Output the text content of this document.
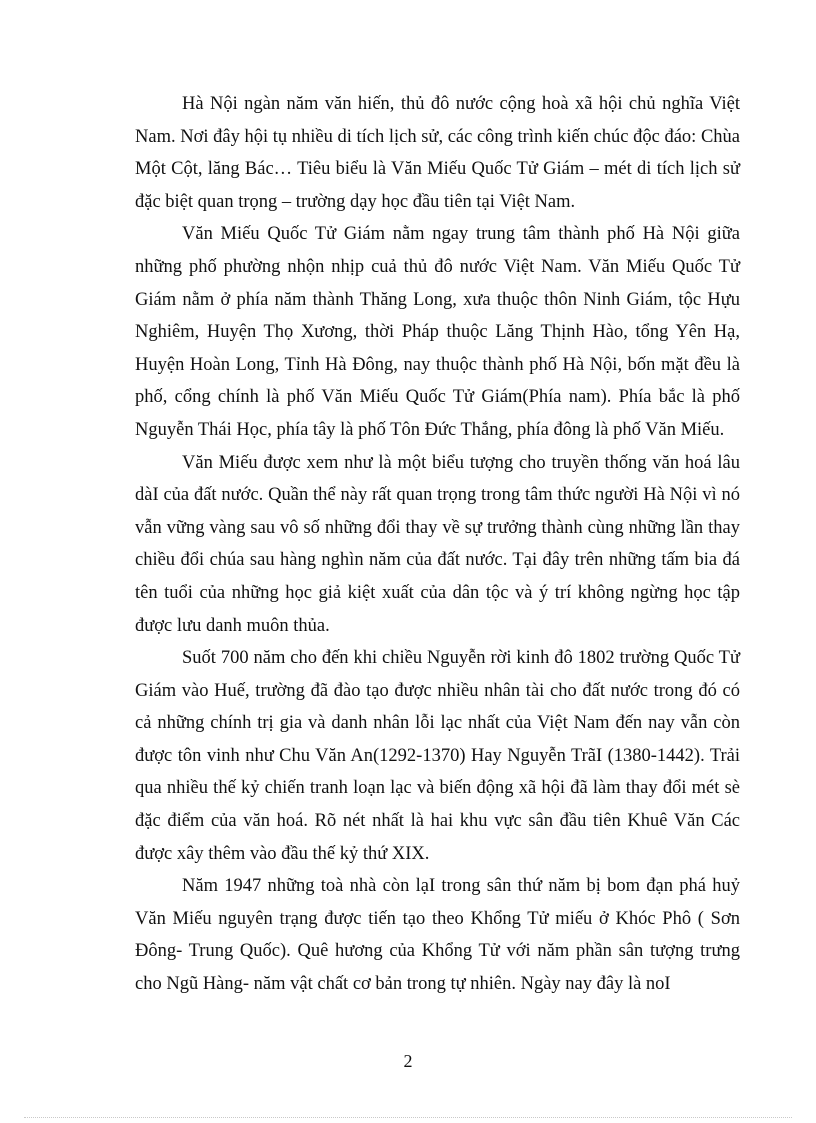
Hà Nội ngàn năm văn hiến, thủ đô nước cộng hoà xã hội chủ nghĩa Việt Nam. Nơi đây hội tụ nhiều di tích lịch sử, các công trình kiến chúc độc đáo: Chùa Một Cột, lăng Bác… Tiêu biểu là Văn Miếu Quốc Tử Giám – mét di tích lịch sử đặc biệt quan trọng – trường dạy học đầu tiên tại Việt Nam.

Văn Miếu Quốc Tử Giám nằm ngay trung tâm thành phố Hà Nội giữa những phố phường nhộn nhịp cuả thủ đô nước Việt Nam. Văn Miếu Quốc Tử Giám nằm ở phía năm thành Thăng Long, xưa thuộc thôn Ninh Giám, tộc Hựu Nghiêm, Huyện Thọ Xương, thời Pháp thuộc Lăng Thịnh Hào, tổng Yên Hạ, Huyện Hoàn Long, Tỉnh Hà Đông, nay thuộc thành phố Hà Nội, bốn mặt đều là phố, cổng chính là phố Văn Miếu Quốc Tử Giám(Phía nam). Phía bắc là phố Nguyễn Thái Học, phía tây là phố Tôn Đức Thắng, phía đông là phố Văn Miếu.

Văn Miếu được xem như là một biểu tượng cho truyền thống văn hoá lâu dàI của đất nước. Quần thể này rất quan trọng trong tâm thức người Hà Nội vì nó vẫn vững vàng sau vô số những đổi thay về sự trưởng thành cùng những lần thay chiều đổi chúa sau hàng nghìn năm của đất nước. Tại đây trên những tấm bia đá tên tuổi của những học giả kiệt xuất của dân tộc và ý trí không ngừng học tập được lưu danh muôn thủa.

Suốt 700 năm cho đến khi chiều Nguyễn rời kinh đô 1802 trường Quốc Tử Giám vào Huế, trường đã đào tạo được nhiều nhân tài cho đất nước trong đó có cả những chính trị gia và danh nhân lỗi lạc nhất của Việt Nam đến nay vẫn còn được tôn vinh như Chu Văn An(1292-1370) Hay Nguyễn TrãI (1380-1442). Trải qua nhiều thế kỷ chiến tranh loạn lạc và biến động xã hội đã làm thay đổi mét sè đặc điểm của văn hoá. Rõ nét nhất là hai khu vực sân đầu tiên Khuê Văn Các được xây thêm vào đầu thế kỷ thứ XIX.

Năm 1947 những toà nhà còn lạI trong sân thứ năm bị bom đạn phá huỷ Văn Miếu nguyên trạng được tiến tạo theo Khổng Tử miếu ở Khóc Phô ( Sơn Đông- Trung Quốc). Quê hương của Khổng Tử với năm phần sân tượng trưng cho Ngũ Hàng- năm vật chất cơ bản trong tự nhiên. Ngày nay đây là noI

2
